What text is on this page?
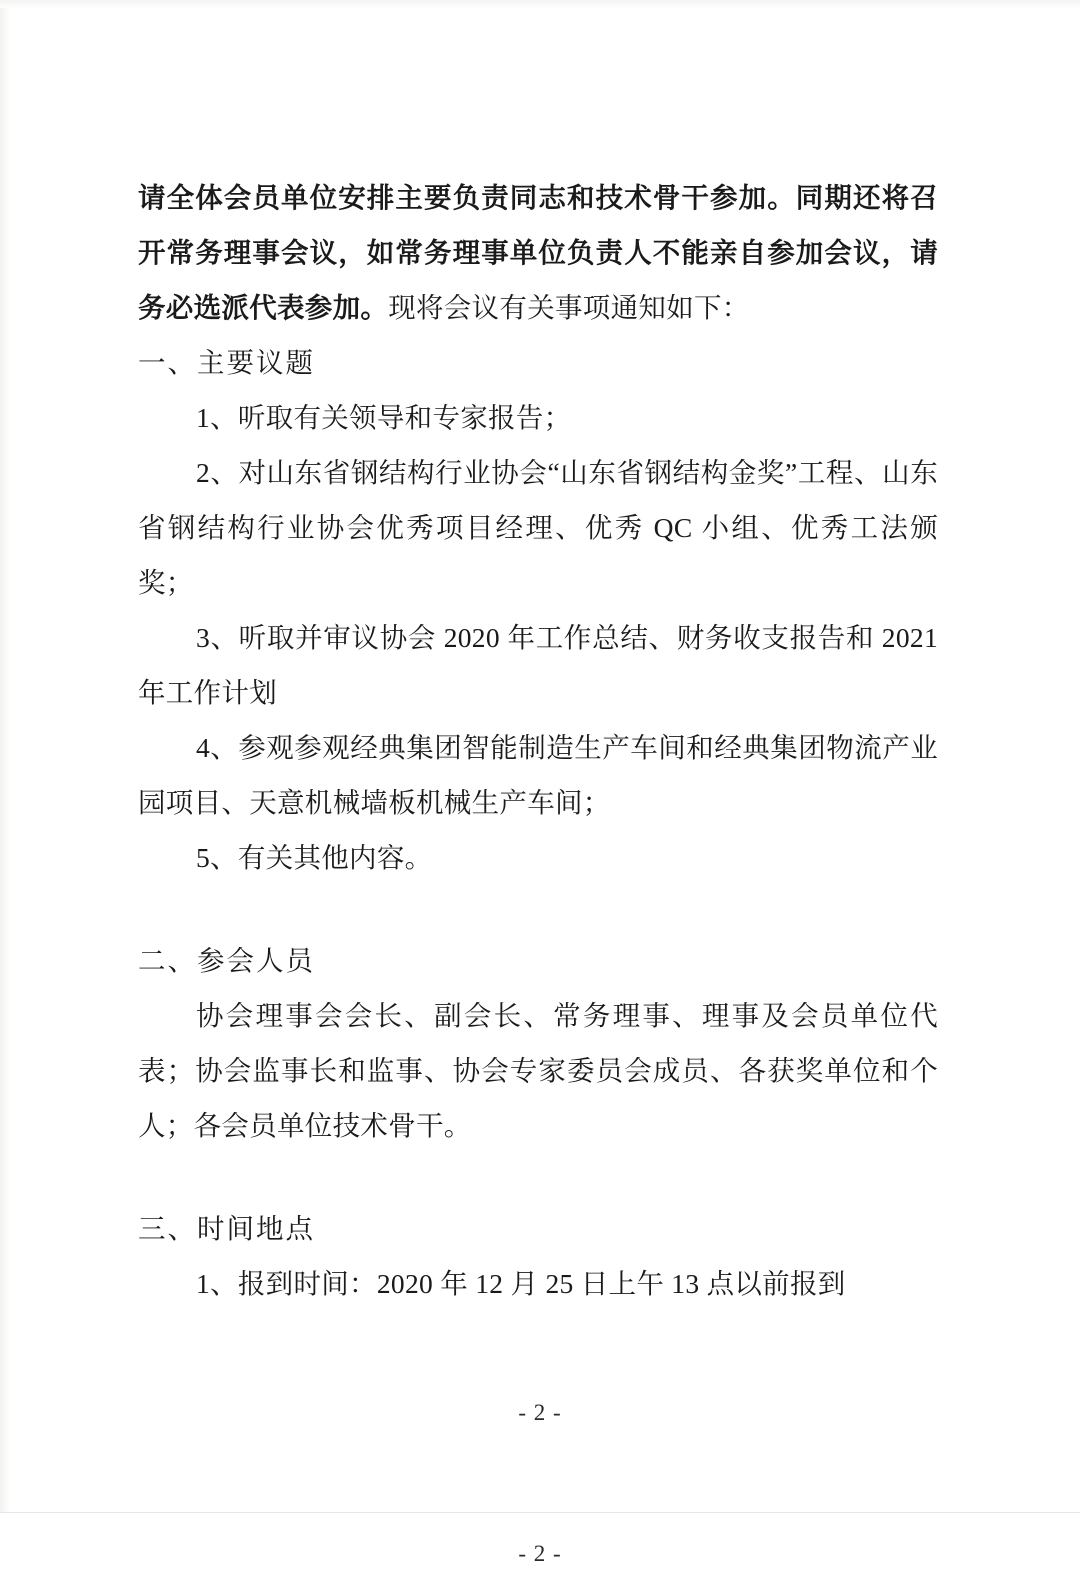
请全体会员单位安排主要负责同志和技术骨干参加。同期还将召开常务理事会议，如常务理事单位负责人不能亲自参加会议，请务必选派代表参加。现将会议有关事项通知如下：

一、主要议题

1、听取有关领导和专家报告；

2、对山东省钢结构行业协会“山东省钢结构金奖”工程、山东省钢结构行业协会优秀项目经理、优秀 QC 小组、优秀工法颁奖；

3、听取并审议协会 2020 年工作总结、财务收支报告和 2021 年工作计划

4、参观参观经典集团智能制造生产车间和经典集团物流产业园项目、天意机械墙板机械生产车间；

5、有关其他内容。

二、参会人员

协会理事会会长、副会长、常务理事、理事及会员单位代表；协会监事长和监事、协会专家委员会成员、各获奖单位和个人；各会员单位技术骨干。

三、时间地点

1、报到时间：2020 年 12 月 25 日上午 13 点以前报到

- 2 -
- 2 -
